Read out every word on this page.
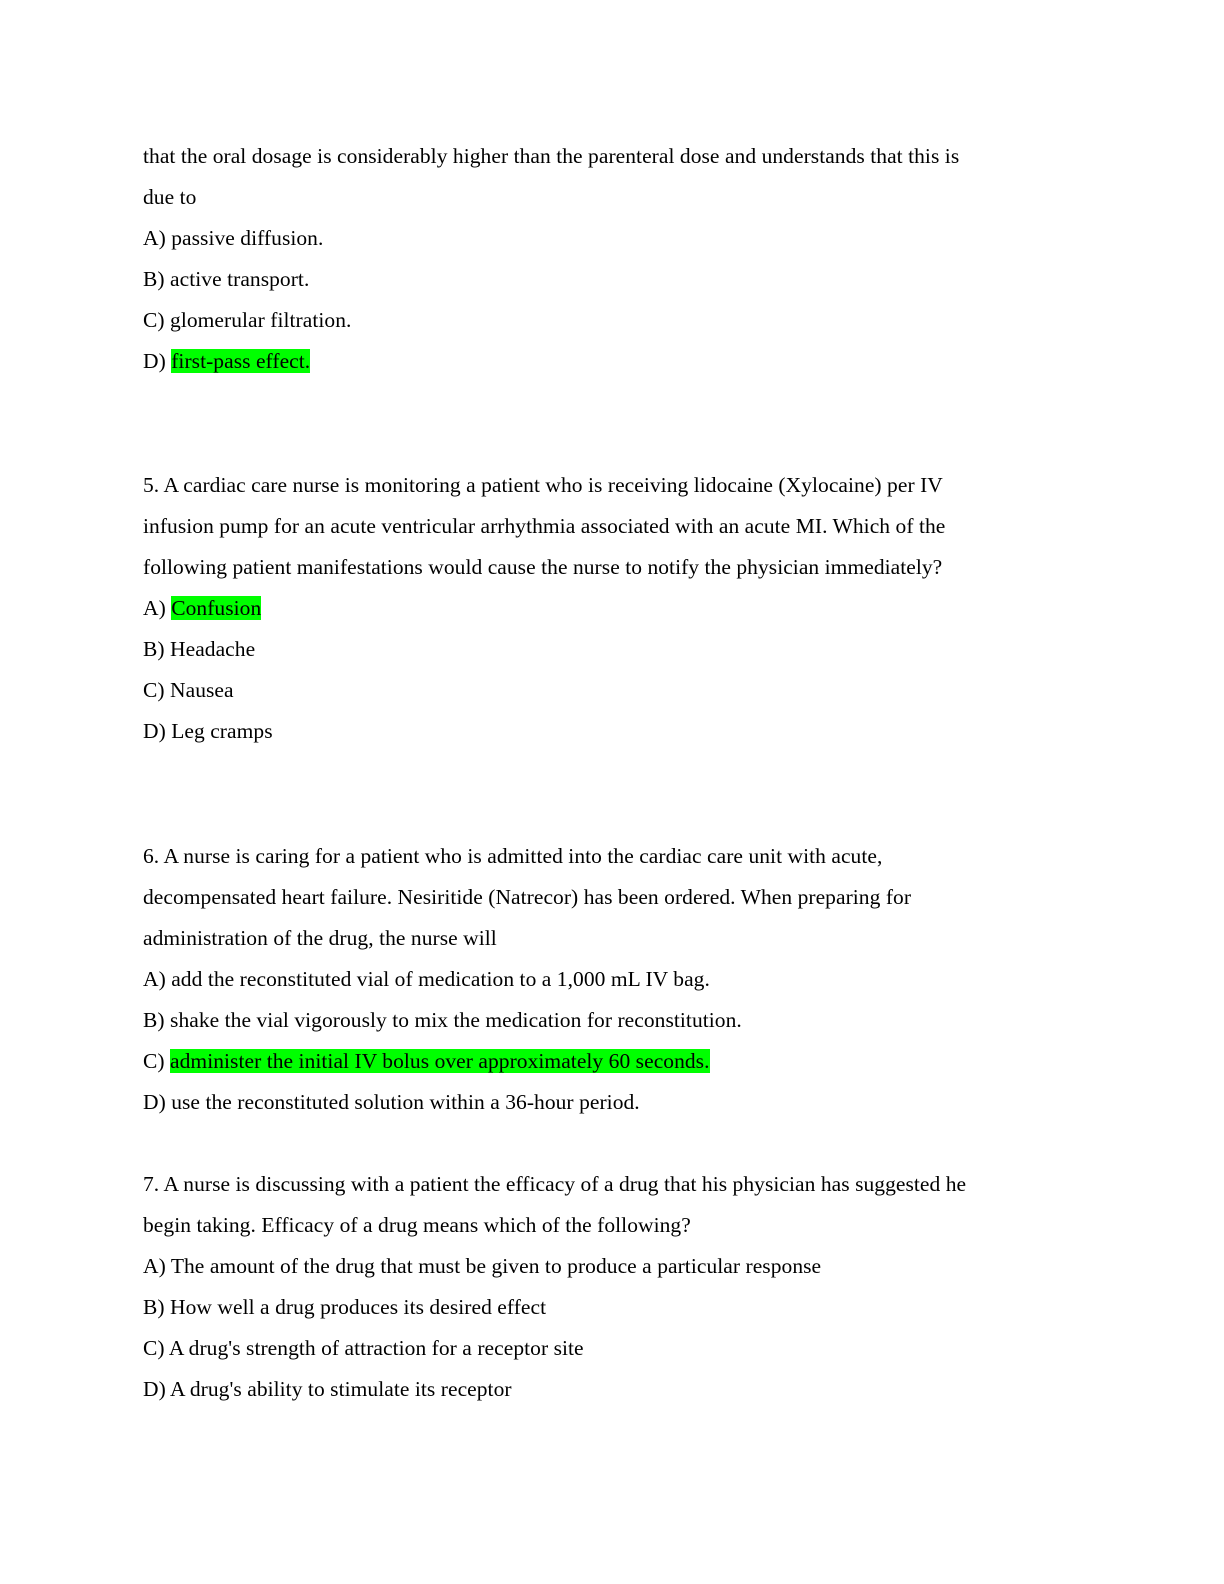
that the oral dosage is considerably higher than the parenteral dose and understands that this is
due to
A) passive diffusion.
B) active transport.
C) glomerular filtration.
D) first-pass effect.
5. A cardiac care nurse is monitoring a patient who is receiving lidocaine (Xylocaine) per IV
infusion pump for an acute ventricular arrhythmia associated with an acute MI. Which of the
following patient manifestations would cause the nurse to notify the physician immediately?
A) Confusion
B) Headache
C) Nausea
D) Leg cramps
6. A nurse is caring for a patient who is admitted into the cardiac care unit with acute,
decompensated heart failure. Nesiritide (Natrecor) has been ordered. When preparing for
administration of the drug, the nurse will
A) add the reconstituted vial of medication to a 1,000 mL IV bag.
B) shake the vial vigorously to mix the medication for reconstitution.
C) administer the initial IV bolus over approximately 60 seconds.
D) use the reconstituted solution within a 36-hour period.
7. A nurse is discussing with a patient the efficacy of a drug that his physician has suggested he
begin taking. Efficacy of a drug means which of the following?
A) The amount of the drug that must be given to produce a particular response
B) How well a drug produces its desired effect
C) A drug's strength of attraction for a receptor site
D) A drug's ability to stimulate its receptor
